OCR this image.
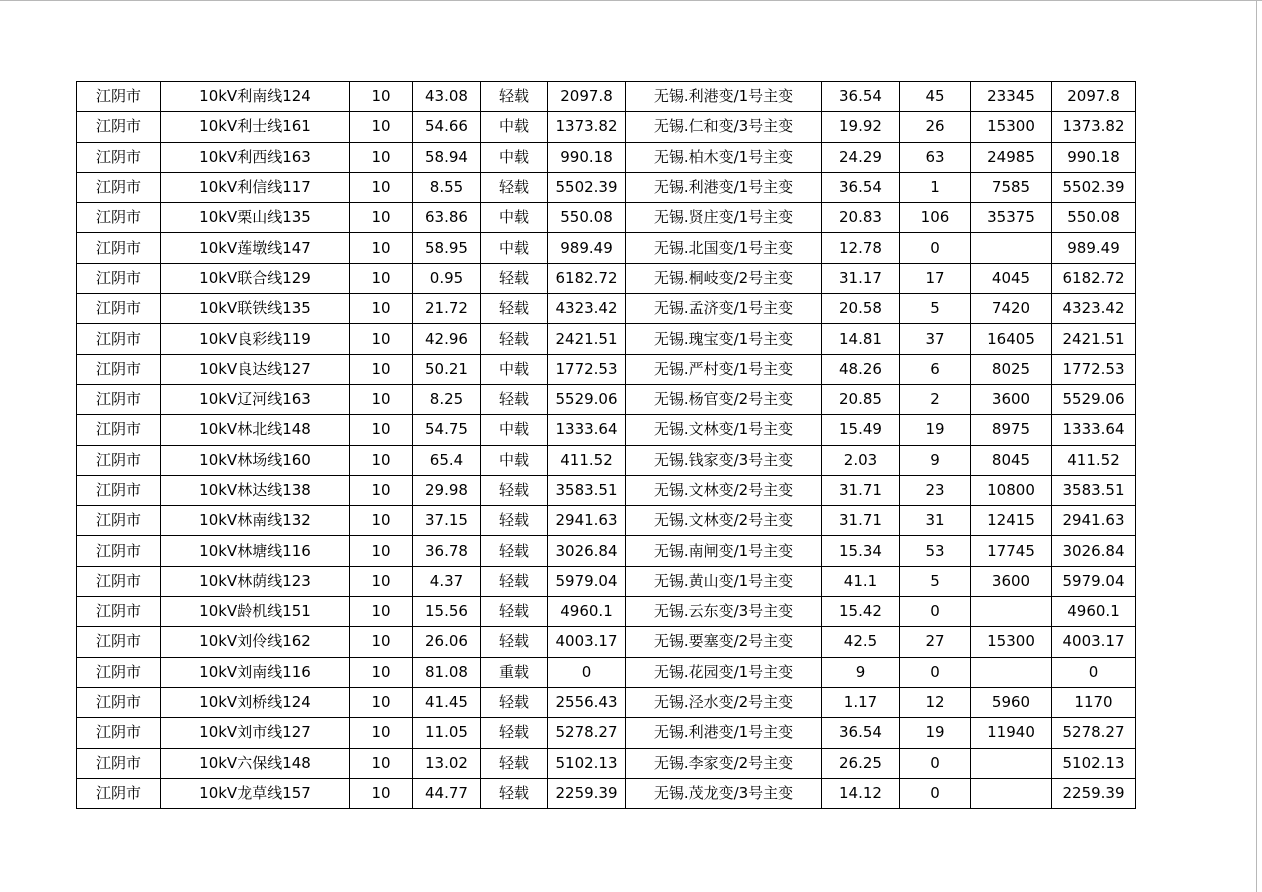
江阴市	10kV利南线124	10	43.08	轻载	2097.8	无锡.利港变/1号主变	36.54	45	23345	2097.8
江阴市	10kV利士线161	10	54.66	中载	1373.82	无锡.仁和变/3号主变	19.92	26	15300	1373.82
江阴市	10kV利西线163	10	58.94	中载	990.18	无锡.柏木变/1号主变	24.29	63	24985	990.18
江阴市	10kV利信线117	10	8.55	轻载	5502.39	无锡.利港变/1号主变	36.54	1	7585	5502.39
江阴市	10kV栗山线135	10	63.86	中载	550.08	无锡.贤庄变/1号主变	20.83	106	35375	550.08
江阴市	10kV莲墩线147	10	58.95	中载	989.49	无锡.北国变/1号主变	12.78	0		989.49
江阴市	10kV联合线129	10	0.95	轻载	6182.72	无锡.桐岐变/2号主变	31.17	17	4045	6182.72
江阴市	10kV联铁线135	10	21.72	轻载	4323.42	无锡.孟济变/1号主变	20.58	5	7420	4323.42
江阴市	10kV良彩线119	10	42.96	轻载	2421.51	无锡.瑰宝变/1号主变	14.81	37	16405	2421.51
江阴市	10kV良达线127	10	50.21	中载	1772.53	无锡.严村变/1号主变	48.26	6	8025	1772.53
江阴市	10kV辽河线163	10	8.25	轻载	5529.06	无锡.杨官变/2号主变	20.85	2	3600	5529.06
江阴市	10kV林北线148	10	54.75	中载	1333.64	无锡.文林变/1号主变	15.49	19	8975	1333.64
江阴市	10kV林场线160	10	65.4	中载	411.52	无锡.钱家变/3号主变	2.03	9	8045	411.52
江阴市	10kV林达线138	10	29.98	轻载	3583.51	无锡.文林变/2号主变	31.71	23	10800	3583.51
江阴市	10kV林南线132	10	37.15	轻载	2941.63	无锡.文林变/2号主变	31.71	31	12415	2941.63
江阴市	10kV林塘线116	10	36.78	轻载	3026.84	无锡.南闸变/1号主变	15.34	53	17745	3026.84
江阴市	10kV林荫线123	10	4.37	轻载	5979.04	无锡.黄山变/1号主变	41.1	5	3600	5979.04
江阴市	10kV龄机线151	10	15.56	轻载	4960.1	无锡.云东变/3号主变	15.42	0		4960.1
江阴市	10kV刘伶线162	10	26.06	轻载	4003.17	无锡.要塞变/2号主变	42.5	27	15300	4003.17
江阴市	10kV刘南线116	10	81.08	重载	0	无锡.花园变/1号主变	9	0		0
江阴市	10kV刘桥线124	10	41.45	轻载	2556.43	无锡.泾水变/2号主变	1.17	12	5960	1170
江阴市	10kV刘市线127	10	11.05	轻载	5278.27	无锡.利港变/1号主变	36.54	19	11940	5278.27
江阴市	10kV六保线148	10	13.02	轻载	5102.13	无锡.李家变/2号主变	26.25	0		5102.13
江阴市	10kV龙草线157	10	44.77	轻载	2259.39	无锡.茂龙变/3号主变	14.12	0		2259.39
